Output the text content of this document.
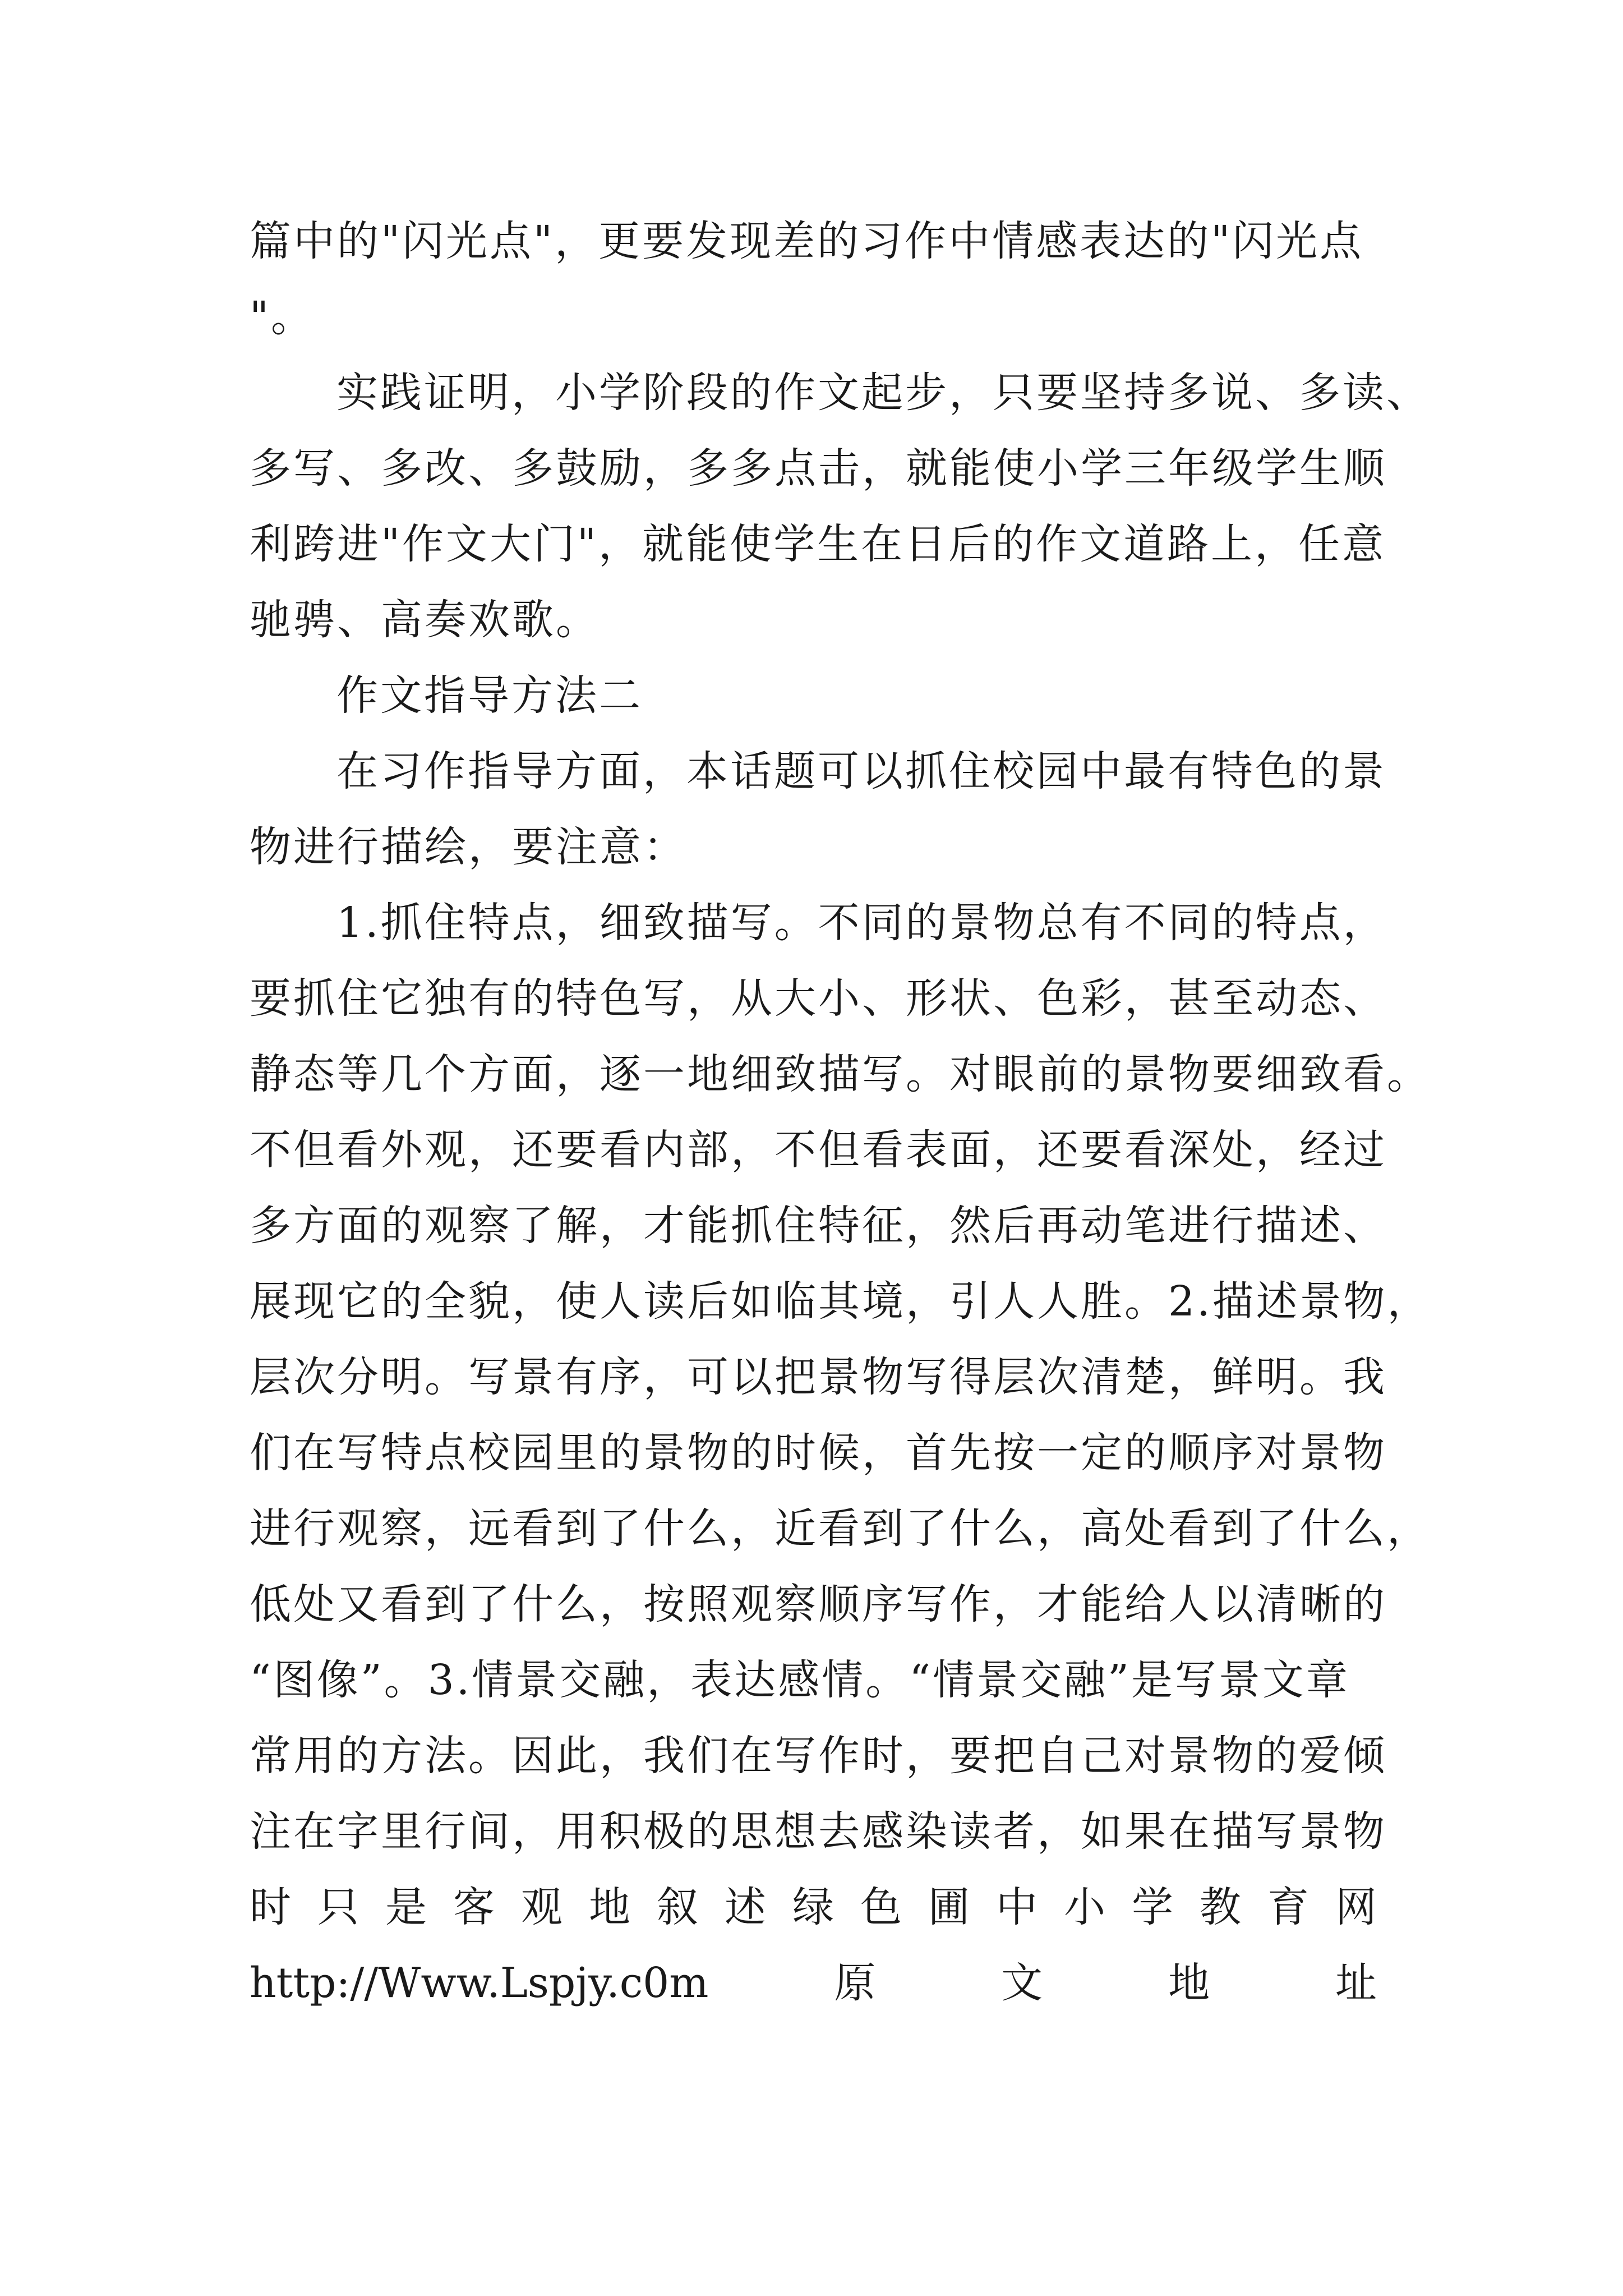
篇中的"闪光点"，更要发现差的习作中情感表达的"闪光点
"。
实践证明，小学阶段的作文起步，只要坚持多说、多读、
多写、多改、多鼓励，多多点击，就能使小学三年级学生顺
利跨进"作文大门"，就能使学生在日后的作文道路上，任意
驰骋、高奏欢歌。
作文指导方法二
在习作指导方面，本话题可以抓住校园中最有特色的景
物进行描绘，要注意：
1.抓住特点，细致描写。不同的景物总有不同的特点，
要抓住它独有的特色写，从大小、形状、色彩，甚至动态、
静态等几个方面，逐一地细致描写。对眼前的景物要细致看。
不但看外观，还要看内部，不但看表面，还要看深处，经过
多方面的观察了解，才能抓住特征，然后再动笔进行描述、
展现它的全貌，使人读后如临其境，引人人胜。2.描述景物，
层次分明。写景有序，可以把景物写得层次清楚，鲜明。我
们在写特点校园里的景物的时候，首先按一定的顺序对景物
进行观察，远看到了什么，近看到了什么，高处看到了什么，
低处又看到了什么，按照观察顺序写作，才能给人以清晰的
“图像”。3.情景交融，表达感情。“情景交融”是写景文章
常用的方法。因此，我们在写作时，要把自己对景物的爱倾
注在字里行间，用积极的思想去感染读者，如果在描写景物
时 只 是 客 观 地 叙 述 绿 色 圃 中 小 学 教 育 网
http://Www.Lspjy.c0m	原	文	地	址
